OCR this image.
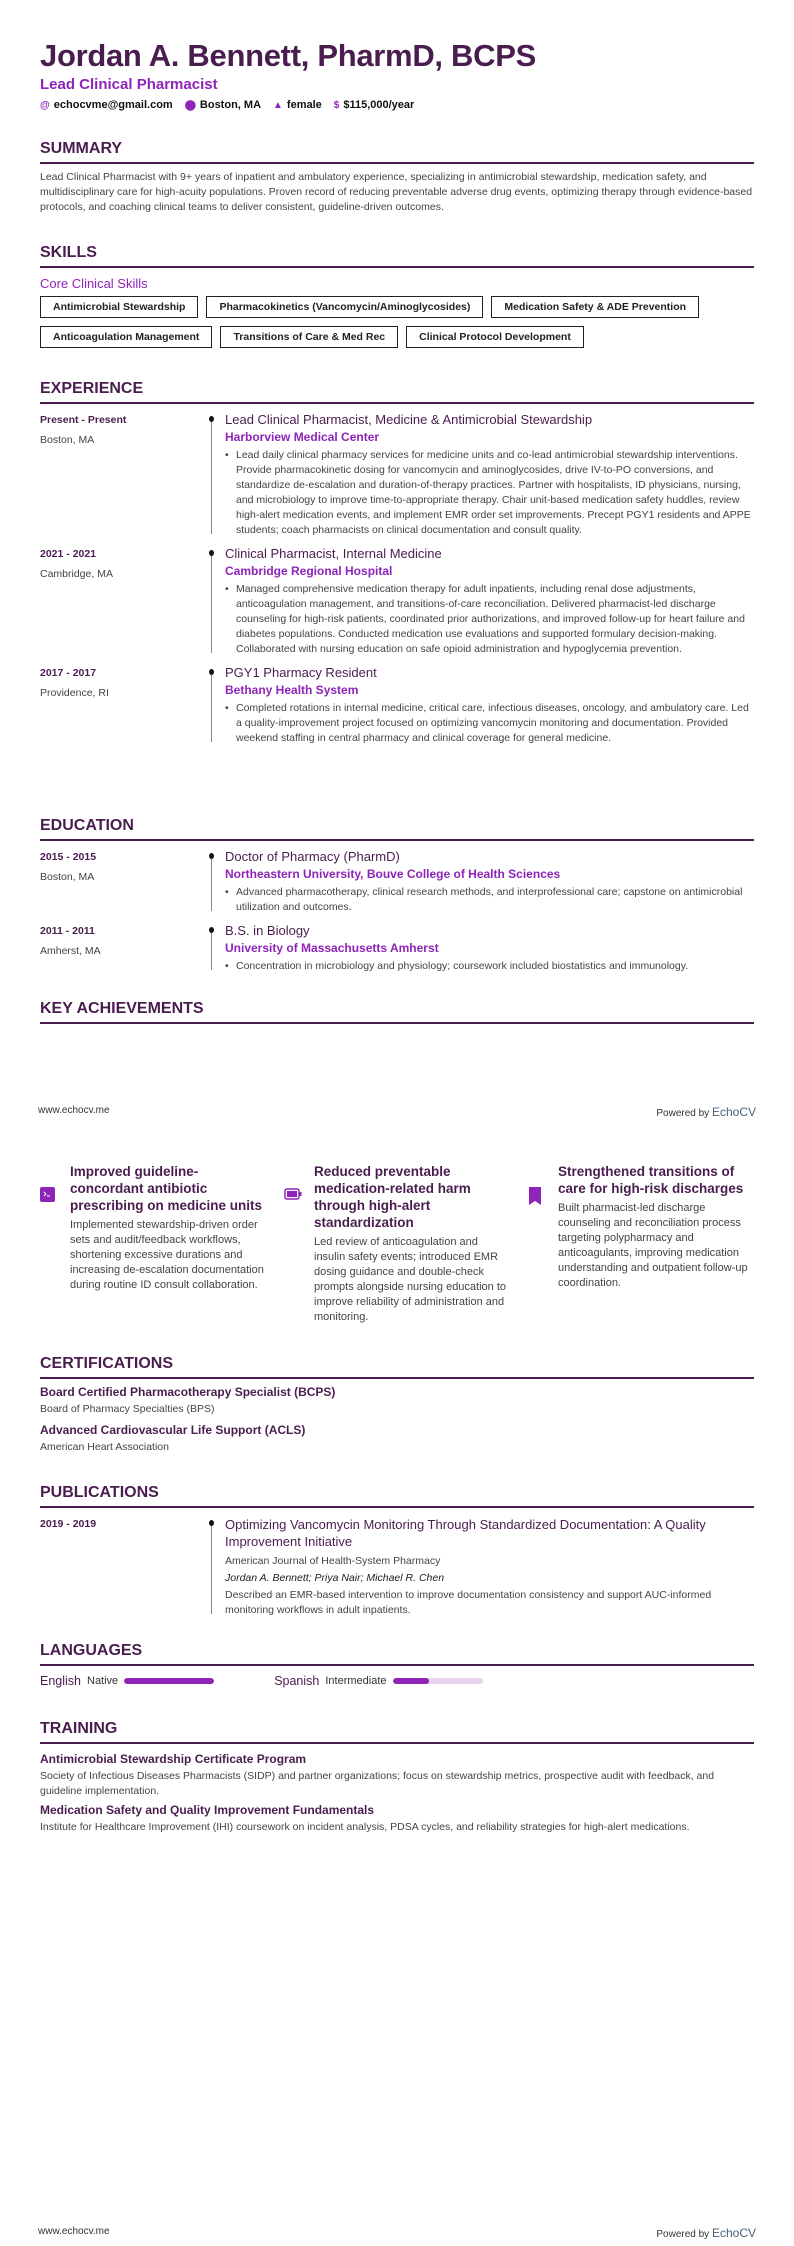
Jordan A. Bennett, PharmD, BCPS
Lead Clinical Pharmacist
@ echocvme@gmail.com ⬤ Boston, MA ▲ female $ $115,000/year
SUMMARY
Lead Clinical Pharmacist with 9+ years of inpatient and ambulatory experience, specializing in antimicrobial stewardship, medication safety, and multidisciplinary care for high-acuity populations. Proven record of reducing preventable adverse drug events, optimizing therapy through evidence-based protocols, and coaching clinical teams to deliver consistent, guideline-driven outcomes.
SKILLS
Core Clinical Skills
Antimicrobial Stewardship	Pharmacokinetics (Vancomycin/Aminoglycosides)	Medication Safety & ADE Prevention
Anticoagulation Management	Transitions of Care & Med Rec	Clinical Protocol Development
EXPERIENCE
Present - Present
Boston, MA
Lead Clinical Pharmacist, Medicine & Antimicrobial Stewardship
Harborview Medical Center
• Lead daily clinical pharmacy services for medicine units and co-lead antimicrobial stewardship interventions. Provide pharmacokinetic dosing for vancomycin and aminoglycosides, drive IV-to-PO conversions, and standardize de-escalation and duration-of-therapy practices. Partner with hospitalists, ID physicians, nursing, and microbiology to improve time-to-appropriate therapy. Chair unit-based medication safety huddles, review high-alert medication events, and implement EMR order set improvements. Precept PGY1 residents and APPE students; coach pharmacists on clinical documentation and consult quality.
2021 - 2021
Cambridge, MA
Clinical Pharmacist, Internal Medicine
Cambridge Regional Hospital
• Managed comprehensive medication therapy for adult inpatients, including renal dose adjustments, anticoagulation management, and transitions-of-care reconciliation. Delivered pharmacist-led discharge counseling for high-risk patients, coordinated prior authorizations, and improved follow-up for heart failure and diabetes populations. Conducted medication use evaluations and supported formulary decision-making. Collaborated with nursing education on safe opioid administration and hypoglycemia prevention.
2017 - 2017
Providence, RI
PGY1 Pharmacy Resident
Bethany Health System
• Completed rotations in internal medicine, critical care, infectious diseases, oncology, and ambulatory care. Led a quality-improvement project focused on optimizing vancomycin monitoring and documentation. Provided weekend staffing in central pharmacy and clinical coverage for general medicine.
EDUCATION
2015 - 2015
Boston, MA
Doctor of Pharmacy (PharmD)
Northeastern University, Bouve College of Health Sciences
• Advanced pharmacotherapy, clinical research methods, and interprofessional care; capstone on antimicrobial utilization and outcomes.
2011 - 2011
Amherst, MA
B.S. in Biology
University of Massachusetts Amherst
• Concentration in microbiology and physiology; coursework included biostatistics and immunology.
KEY ACHIEVEMENTS
www.echocv.me	Powered by EchoCV
Improved guideline-concordant antibiotic prescribing on medicine units
Implemented stewardship-driven order sets and audit/feedback workflows, shortening excessive durations and increasing de-escalation documentation during routine ID consult collaboration.
Reduced preventable medication-related harm through high-alert standardization
Led review of anticoagulation and insulin safety events; introduced EMR dosing guidance and double-check prompts alongside nursing education to improve reliability of administration and monitoring.
Strengthened transitions of care for high-risk discharges
Built pharmacist-led discharge counseling and reconciliation process targeting polypharmacy and anticoagulants, improving medication understanding and outpatient follow-up coordination.
CERTIFICATIONS
Board Certified Pharmacotherapy Specialist (BCPS)
Board of Pharmacy Specialties (BPS)
Advanced Cardiovascular Life Support (ACLS)
American Heart Association
PUBLICATIONS
2019 - 2019	Optimizing Vancomycin Monitoring Through Standardized Documentation: A Quality Improvement Initiative
American Journal of Health-System Pharmacy
Jordan A. Bennett; Priya Nair; Michael R. Chen
Described an EMR-based intervention to improve documentation consistency and support AUC-informed monitoring workflows in adult inpatients.
LANGUAGES
English Native	Spanish Intermediate
TRAINING
Antimicrobial Stewardship Certificate Program
Society of Infectious Diseases Pharmacists (SIDP) and partner organizations; focus on stewardship metrics, prospective audit with feedback, and guideline implementation.
Medication Safety and Quality Improvement Fundamentals
Institute for Healthcare Improvement (IHI) coursework on incident analysis, PDSA cycles, and reliability strategies for high-alert medications.
www.echocv.me	Powered by EchoCV
